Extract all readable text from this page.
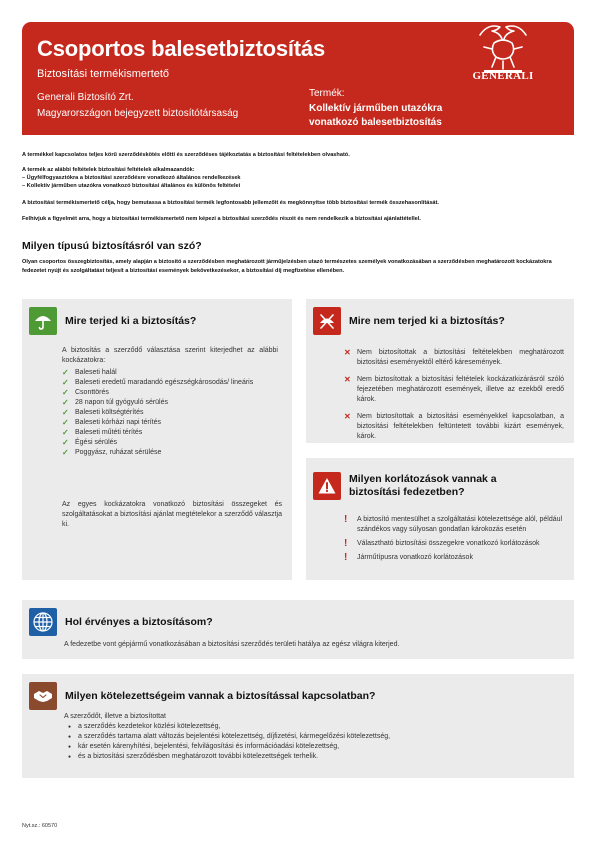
Csoportos balesetbiztosítás
Biztosítási termékismertető
Generali Biztosító Zrt.
Magyarországon bejegyzett biztosítótársaság
Termék:
Kollektív járműben utazókra vonatkozó balesetbiztosítás
GENERALI
A termékkel kapcsolatos teljes körű szerződéskötés előtti és szerződéses tájékoztatás a biztosítási feltételekben olvasható.
A termék az alábbi feltételek biztosítási feltételek alkalmazandók:
– Ügyfélfogyasztókra a biztosítási szerződésre vonatkozó általános rendelkezések
– Kollektív járműben utazókra vonatkozó biztosítási általános és különös feltételei
A biztosítási termékismertető célja, hogy bemutassa a biztosítási termék legfontosabb jellemzőit és megkönnyítse több biztosítási termék összehasonlítását.
Felhívjuk a figyelmét arra, hogy a biztosítási termékismertető nem képezi a biztosítási szerződés részét és nem rendelkezik a biztosítási ajánlattétellel.
Milyen típusú biztosításról van szó?
Olyan csoportos összegbiztosítás, amely alapján a biztosító a szerződésben meghatározott járműjelzésben utazó természetes személyek vonatkozásában a szerződésben meghatározott kockázatokra fedezetet nyújt és szolgáltatást teljesít a biztosítási események bekövetkezésekor, a biztosítási díj megfizetése ellenében.
Mire terjed ki a biztosítás?
A biztosítás a szerződő választása szerint kiterjedhet az alábbi kockázatokra:
✓ Baleseti halál
✓ Baleseti eredetű maradandó egészségkárosodás/ lineáris
✓ Csonttörés
✓ 28 napon túl gyógyuló sérülés
✓ Baleseti költségtérítés
✓ Baleseti kórházi napi térítés
✓ Baleseti műtéti térítés
✓ Égési sérülés
✓ Poggyász, ruházat sérülése
Az egyes kockázatokra vonatkozó biztosítási összegeket és szolgáltatásokat a biztosítási ajánlat megtételekor a szerződő választja ki.
Mire nem terjed ki a biztosítás?
✕ Nem biztosítottak a biztosítási feltételekben meghatározott biztosítási eseményektől eltérő káresemények.
✕ Nem biztosítottak a biztosítási feltételek kockázatkizárásról szóló fejezetében meghatározott események, illetve az ezekből eredő károk.
✕ Nem biztosítottak a biztosítási eseményekkel kapcsolatban, a biztosítási feltételekben feltüntetett további kizárt események, károk.
Milyen korlátozások vannak a biztosítási fedezetben?
!	A biztosító mentesülhet a szolgáltatási kötelezettsége alól, például szándékos vagy súlyosan gondatlan károkozás esetén
!	Választható biztosítási összegekre vonatkozó korlátozások
!	Járműtípusra vonatkozó korlátozások
Hol érvényes a biztosításom?
A fedezetbe vont gépjármű vonatkozásában a biztosítási szerződés területi hatálya az egész világra kiterjed.
Milyen kötelezettségeim vannak a biztosítással kapcsolatban?
A szerződőt, illetve a biztosítottat
● a szerződés kezdetekor közlési kötelezettség,
● a szerződés tartama alatt változás bejelentési kötelezettség, díjfizetési, kármegelőzési kötelezettség,
● kár esetén kárenyhítési, bejelentési, felvilágosítási és információadási kötelezettség,
● és a biztosítási szerződésben meghatározott további kötelezettségek terhelik.
Nyt.sz.: 60570
